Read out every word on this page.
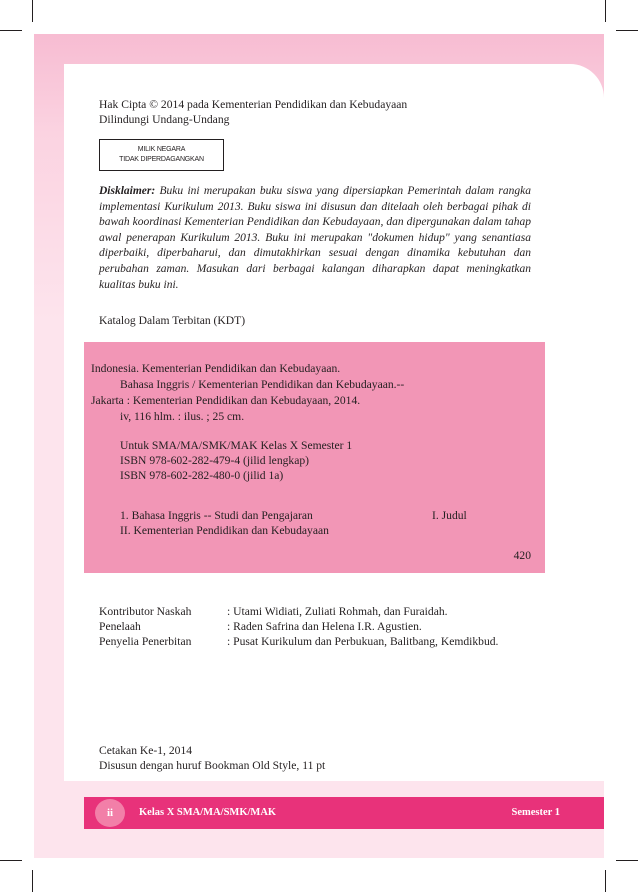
Hak Cipta © 2014 pada Kementerian Pendidikan dan Kebudayaan
Dilindungi Undang-Undang
MILIK NEGARA
TIDAK DIPERDAGANGKAN
Disklaimer: Buku ini merupakan buku siswa yang dipersiapkan Pemerintah dalam rangka implementasi Kurikulum 2013. Buku siswa ini disusun dan ditelaah oleh berbagai pihak di bawah koordinasi Kementerian Pendidikan dan Kebudayaan, dan dipergunakan dalam tahap awal penerapan Kurikulum 2013. Buku ini merupakan "dokumen hidup" yang senantiasa diperbaiki, diperbaharui, dan dimutakhirkan sesuai dengan dinamika kebutuhan dan perubahan zaman. Masukan dari berbagai kalangan diharapkan dapat meningkatkan kualitas buku ini.
Katalog Dalam Terbitan (KDT)
Indonesia. Kementerian Pendidikan dan Kebudayaan.
Bahasa Inggris / Kementerian Pendidikan dan Kebudayaan.--
Jakarta : Kementerian Pendidikan dan Kebudayaan, 2014.
iv, 116 hlm. : ilus. ; 25 cm.
Untuk SMA/MA/SMK/MAK Kelas X Semester 1
ISBN 978-602-282-479-4 (jilid lengkap)
ISBN 978-602-282-480-0 (jilid 1a)
1. Bahasa Inggris -- Studi dan Pengajaran	I. Judul
II. Kementerian Pendidikan dan Kebudayaan
420
Kontributor Naskah	: Utami Widiati, Zuliati Rohmah, dan Furaidah.
Penelaah	: Raden Safrina dan Helena I.R. Agustien.
Penyelia Penerbitan	: Pusat Kurikulum dan Perbukuan, Balitbang, Kemdikbud.
Cetakan Ke-1, 2014
Disusun dengan huruf Bookman Old Style, 11 pt
ii	Kelas X SMA/MA/SMK/MAK	Semester 1
